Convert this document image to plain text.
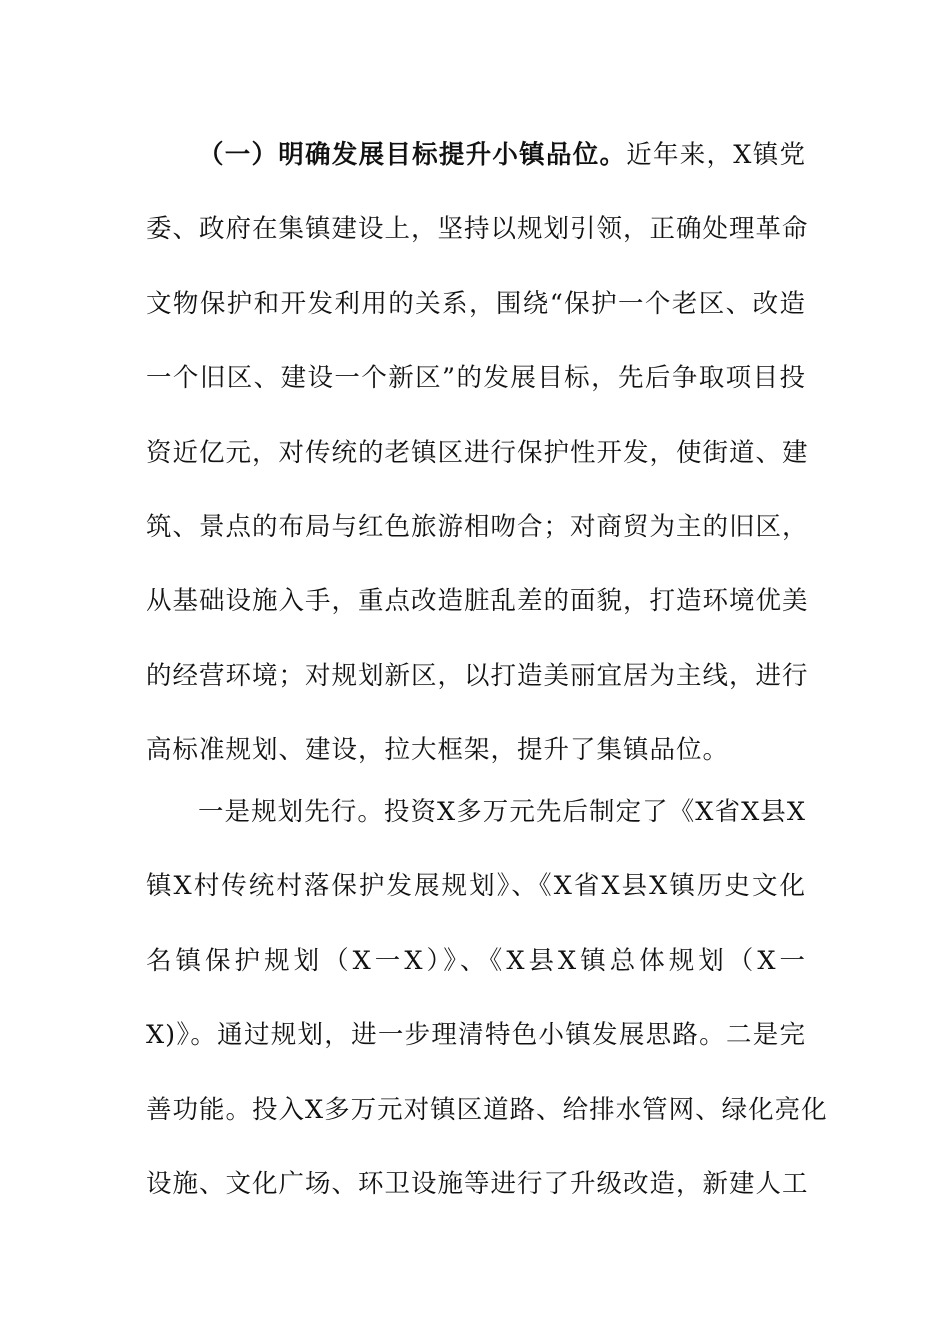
（一）明确发展目标提升小镇品位。近年来，X镇党
委、政府在集镇建设上，坚持以规划引领，正确处理革命
文物保护和开发利用的关系，围绕“保护一个老区、改造
一个旧区、建设一个新区”的发展目标，先后争取项目投
资近亿元，对传统的老镇区进行保护性开发，使街道、建
筑、景点的布局与红色旅游相吻合；对商贸为主的旧区，
从基础设施入手，重点改造脏乱差的面貌，打造环境优美
的经营环境；对规划新区，以打造美丽宜居为主线，进行
高标准规划、建设，拉大框架，提升了集镇品位。
一是规划先行。投资X多万元先后制定了《X省X县X
镇X村传统村落保护发展规划》、《X省X县X镇历史文化
名镇保护规划（X一X）》、《X县X镇总体规划（X一
X)》。通过规划，进一步理清特色小镇发展思路。二是完
善功能。投入X多万元对镇区道路、给排水管网、绿化亮化
设施、文化广场、环卫设施等进行了升级改造，新建人工
